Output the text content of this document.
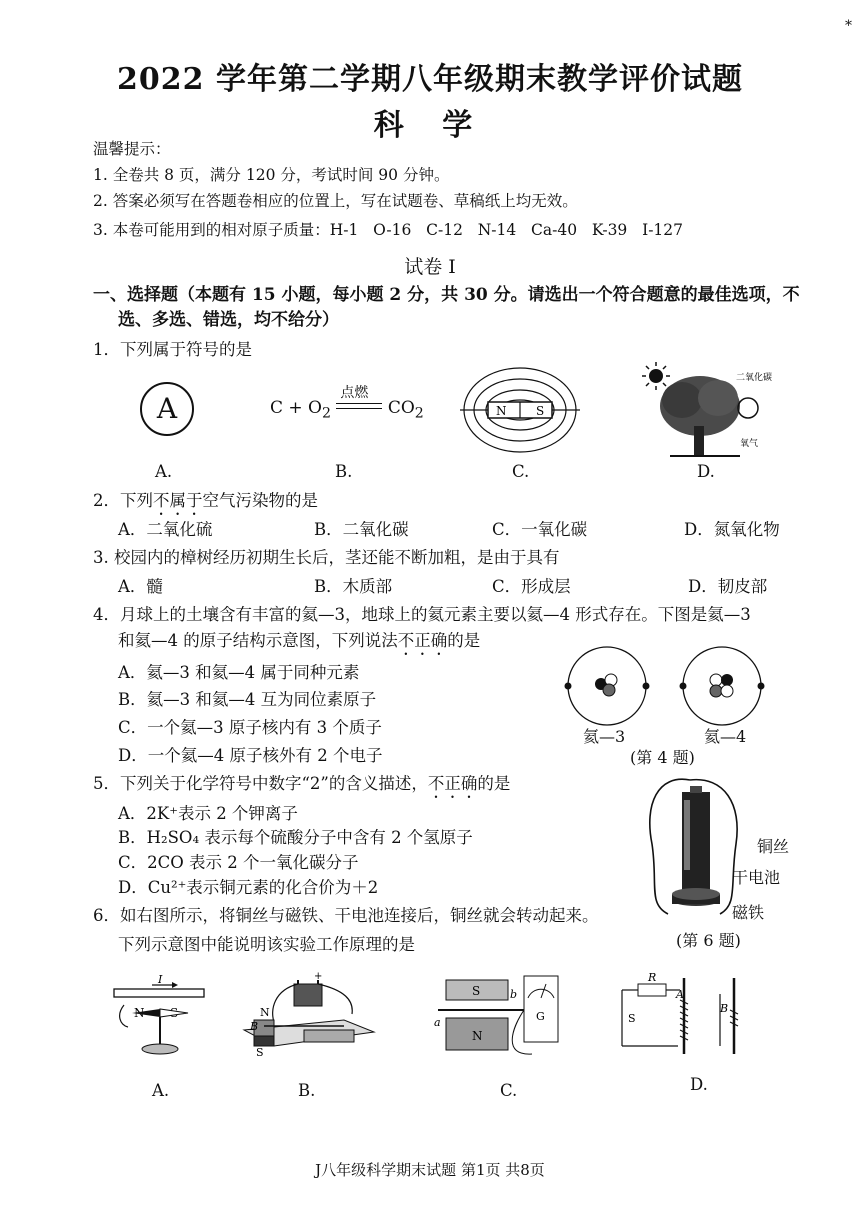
2022 学年第二学期八年级期末教学评价试题
科 学
*
温馨提示：
1. 全卷共 8 页，满分 120 分，考试时间 90 分钟。
2. 答案必须写在答题卷相应的位置上，写在试题卷、草稿纸上均无效。
3. 本卷可能用到的相对原子质量：H-1   O-16   C-12   N-14   Ca-40   K-39   I-127
试卷 I
一、选择题（本题有 15 小题，每小题 2 分，共 30 分。请选出一个符合题意的最佳选项，不
选、多选、错选，均不给分）
1．下列属于符号的是
A	$C + O_2$
点燃
$CO_2$	N S
二氧化碳
氧气
A.	B.	C.	D.
2．下列不属于空气污染物的是
A．二氧化硫	B．二氧化碳	C．一氧化碳	D．氮氧化物
3. 校园内的樟树经历初期生长后，茎还能不断加粗，是由于具有
A．髓	B．木质部	C．形成层	D．韧皮部
4．月球上的土壤含有丰富的氦—3，地球上的氦元素主要以氦—4 形式存在。下图是氦—3
和氦—4 的原子结构示意图，下列说法不正确的是
A．氦—3 和氦—4 属于同种元素
B．氦—3 和氦—4 互为同位素原子
C．一个氦—3 原子核内有 3 个质子
D．一个氦—4 原子核外有 2 个电子
氦—3	氦—4
(第 4 题)
5．下列关于化学符号中数字“2”的含义描述，不正确的是
A．2K⁺表示 2 个钾离子
B．H₂SO₄ 表示每个硫酸分子中含有 2 个氢原子
C．2CO 表示 2 个一氧化碳分子
D．Cu²⁺表示铜元素的化合价为＋2
铜丝
干电池
磁铁
(第 6 题)
6．如右图所示，将铜丝与磁铁、干电池连接后，铜丝就会转动起来。
下列示意图中能说明该实验工作原理的是
I	+
N
B
S
S
N
a
b
G
R
S
A
B
A.	B.	C.	D.
J八年级科学期末试题 第1页 共8页
